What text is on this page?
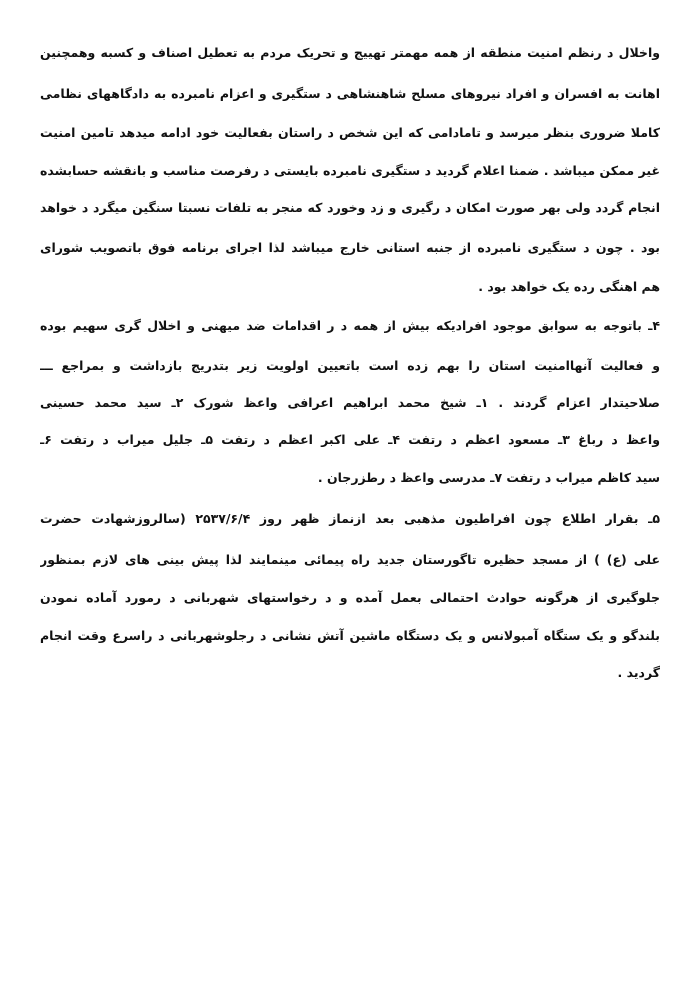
واخلال د رنظم امنیت منطقه از همه مهمتر تهییج و تحریک مردم به تعطیل اصناف و کسبه وهمچنین
اهانت به افسران و افراد نیروهای مسلح شاهنشاهی د ستگیری و اعزام نامبرده به دادگاههای نظامی
کاملا ضروری بنظر میرسد و تامادامی که این شخص د راستان بفعالیت خود ادامه میدهد تامین امنیت
غیر ممکن میباشد . ضمنا اعلام گردید د ستگیری نامبرده بایستی د رفرصت مناسب و بانقشه حسابشده
انجام گردد ولی بهر صورت امکان د رگیری و زد وخورد که منجر به تلفات نسبتا سنگین میگرد د خواهد
بود . چون د ستگیری نامبرده از جنبه استانی خارج میباشد لذا اجرای برنامه فوق باتصویب شورای
هم اهنگی رده یک خواهد بود .
۴ـ باتوجه به سوابق موجود افرادیکه بیش از همه د ر اقدامات ضد میهنی و اخلال گری سهیم بوده
و فعالیت آنهاامنیت استان را بهم زده است باتعیین اولویت زیر بتدریج بازداشت و بمراجع ـــ
صلاحیتدار اعزام گردند . ۱ـ شیخ محمد ابراهیم اعرافی واعظ شورک ۲ـ سید محمد حسینی
واعظ د رباغ ۳ـ مسعود اعظم د رتفت ۴ـ علی اکبر اعظم د رتفت ۵ـ جلیل میراب د رتفت ۶ـ
سید کاظم میراب د رتفت ۷ـ مدرسی واعظ د رطزرجان .
۵ـ بقرار اطلاع چون افراطیون مذهبی بعد ازنماز ظهر روز ۲۵۳۷/۶/۴ (سالروزشهادت حضرت
علی (ع) ) از مسجد حظیره تاگورستان جدید راه پیمائی مینمایند لذا پیش بینی های لازم بمنظور
جلوگیری از هرگونه حوادث احتمالی بعمل آمده و د رخواستهای شهربانی د رمورد آماده نمودن
بلندگو و یک ستگاه آمبولانس و یک دستگاه ماشین آتش نشانی د رجلوشهربانی د راسرع وقت انجام
گردید .
